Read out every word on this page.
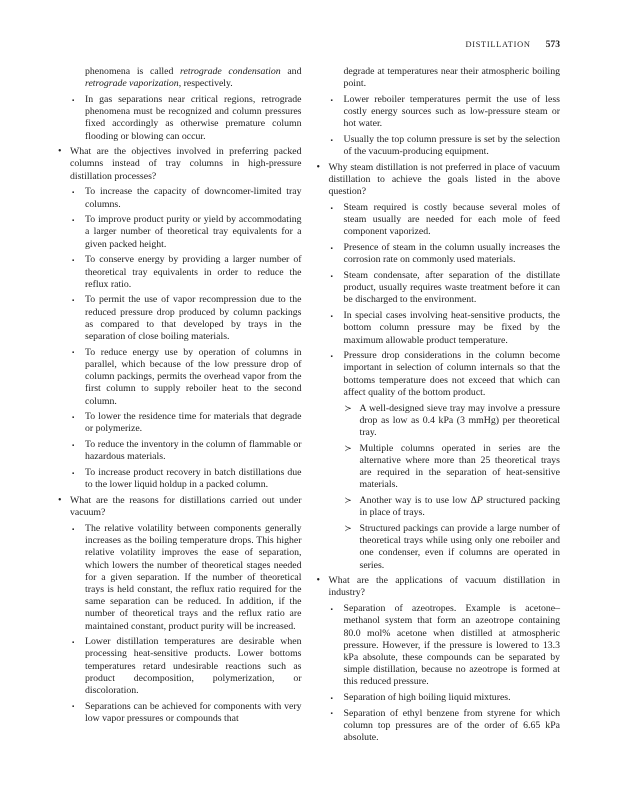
DISTILLATION 573
phenomena is called retrograde condensation and retrograde vaporization, respectively.
▪ In gas separations near critical regions, retrograde phenomena must be recognized and column pressures fixed accordingly as otherwise premature column flooding or blowing can occur.
• What are the objectives involved in preferring packed columns instead of tray columns in high-pressure distillation processes?
▪ To increase the capacity of downcomer-limited tray columns.
▪ To improve product purity or yield by accommodating a larger number of theoretical tray equivalents for a given packed height.
▪ To conserve energy by providing a larger number of theoretical tray equivalents in order to reduce the reflux ratio.
▪ To permit the use of vapor recompression due to the reduced pressure drop produced by column packings as compared to that developed by trays in the separation of close boiling materials.
▪ To reduce energy use by operation of columns in parallel, which because of the low pressure drop of column packings, permits the overhead vapor from the first column to supply reboiler heat to the second column.
▪ To lower the residence time for materials that degrade or polymerize.
▪ To reduce the inventory in the column of flammable or hazardous materials.
▪ To increase product recovery in batch distillations due to the lower liquid holdup in a packed column.
• What are the reasons for distillations carried out under vacuum?
▪ The relative volatility between components generally increases as the boiling temperature drops. This higher relative volatility improves the ease of separation, which lowers the number of theoretical stages needed for a given separation. If the number of theoretical trays is held constant, the reflux ratio required for the same separation can be reduced. In addition, if the number of theoretical trays and the reflux ratio are maintained constant, product purity will be increased.
▪ Lower distillation temperatures are desirable when processing heat-sensitive products. Lower bottoms temperatures retard undesirable reactions such as product decomposition, polymerization, or discoloration.
▪ Separations can be achieved for components with very low vapor pressures or compounds that
degrade at temperatures near their atmospheric boiling point.
▪ Lower reboiler temperatures permit the use of less costly energy sources such as low-pressure steam or hot water.
▪ Usually the top column pressure is set by the selection of the vacuum-producing equipment.
• Why steam distillation is not preferred in place of vacuum distillation to achieve the goals listed in the above question?
▪ Steam required is costly because several moles of steam usually are needed for each mole of feed component vaporized.
▪ Presence of steam in the column usually increases the corrosion rate on commonly used materials.
▪ Steam condensate, after separation of the distillate product, usually requires waste treatment before it can be discharged to the environment.
▪ In special cases involving heat-sensitive products, the bottom column pressure may be fixed by the maximum allowable product temperature.
▪ Pressure drop considerations in the column become important in selection of column internals so that the bottoms temperature does not exceed that which can affect quality of the bottom product.
≻ A well-designed sieve tray may involve a pressure drop as low as 0.4 kPa (3 mmHg) per theoretical tray.
≻ Multiple columns operated in series are the alternative where more than 25 theoretical trays are required in the separation of heat-sensitive materials.
≻ Another way is to use low ΔP structured packing in place of trays.
≻ Structured packings can provide a large number of theoretical trays while using only one reboiler and one condenser, even if columns are operated in series.
• What are the applications of vacuum distillation in industry?
▪ Separation of azeotropes. Example is acetone–methanol system that form an azeotrope containing 80.0 mol% acetone when distilled at atmospheric pressure. However, if the pressure is lowered to 13.3 kPa absolute, these compounds can be separated by simple distillation, because no azeotrope is formed at this reduced pressure.
▪ Separation of high boiling liquid mixtures.
▪ Separation of ethyl benzene from styrene for which column top pressures are of the order of 6.65 kPa absolute.
